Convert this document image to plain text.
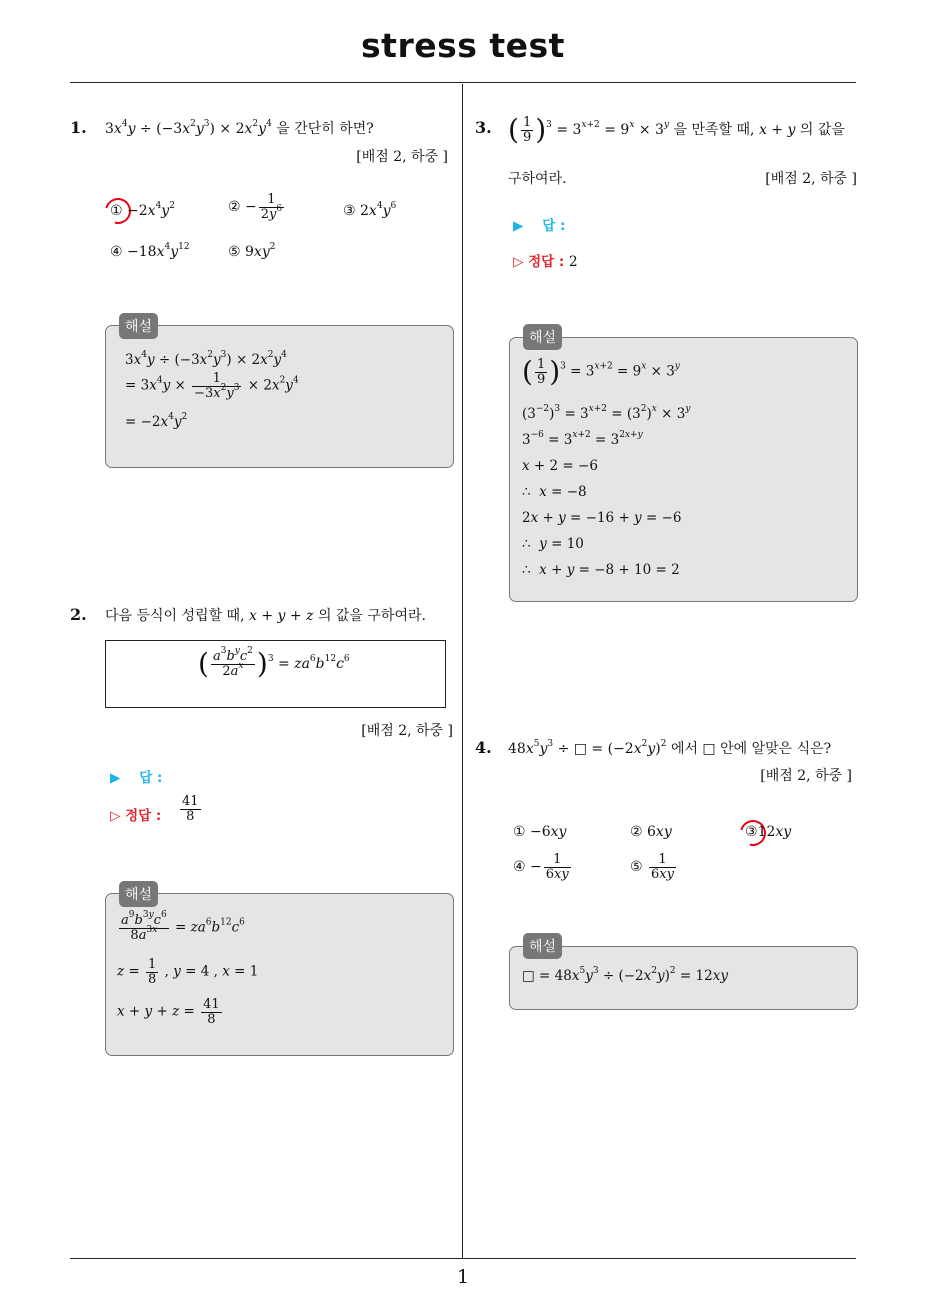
stress test
1. $3x^4y \div (-3x^2y^3) \times 2x^2y^4$ 을 간단히 하면?
[배점 2, 하중 ]
① $-2x^4y^2$	② − $\frac{1}{2y^6}$	③ $2x^4y^6$
④ $-18x^4y^{12}$	⑤ $9xy^2$
해설
$3x^4y \div (-3x^2y^3) \times 2x^2y^4$
= $3x^4y \times \frac{1}{-3x^2y^3} \times 2x^2y^4$
= $-2x^4y^2$
2. 다음 등식이 성립할 때, x + y + z 의 값을 구하여라.
( $\frac{a^3b^yc^2}{2a^x} )^3 = za^6b^{12}c^6$
[배점 2, 하중 ]
▶ 답 :
▷ 정답 : $\frac{41}{8}$
해설
$\frac{a^9b^{3y}c^6}{8a^{3x}} = za^6b^{12}c^6$
$z = \frac{1}{8}$ , y = 4 , x = 1
$x + y + z = \frac{41}{8}$
3. ( $\frac{1}{9} )^3 = 3^{x+2} = 9^x \times 3^y$ 을 만족할 때, x + y 의 값을
구하여라.	[배점 2, 하중 ]
▶ 답 :
▷ 정답 : 2
해설
( $\frac{1}{9} )^3 = 3^{x+2} = 9^x \times 3^y$
$(3^{-2})^3 = 3^{x+2} = (3^2)^x \times 3^y$
$3^{-6} = 3^{x+2} = 3^{2x+y}$
x + 2 = −6
∴  x = −8
2x + y = −16 + y = −6
∴  y = 10
∴  x + y = −8 + 10 = 2
4. $48x^5y^3$ ÷ □ = $(-2x^2y)^2$ 에서 □ 안에 알맞은 식은?
[배점 2, 하중 ]
① −6xy	② 6xy	③12xy
④ − $\frac{1}{6xy}$	⑤ $\frac{1}{6xy}$
해설
□ = $48x^5y^3 \div (-2x^2y)^2 = 12xy$
1
